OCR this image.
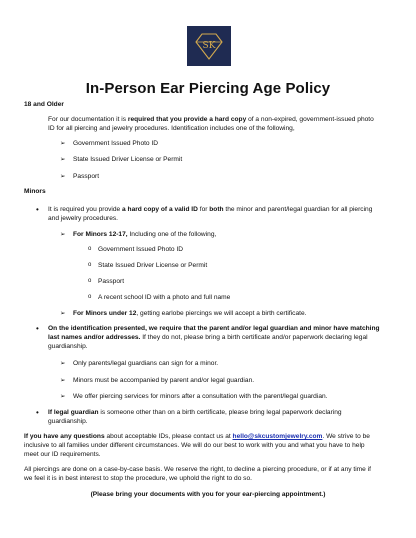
SK
In-Person Ear Piercing Age Policy
18 and Older
For our documentation it is required that you provide a hard copy of a non-expired, government-issued photo
ID for all piercing and jewelry procedures. Identification includes one of the following,
➢ Government Issued Photo ID
➢ State Issued Driver License or Permit
➢ Passport
Minors
• It is required you provide a hard copy of a valid ID for both the minor and parent/legal guardian for all piercing
and jewelry procedures.
➢ For Minors 12-17, Including one of the following,
o Government Issued Photo ID
o State Issued Driver License or Permit
o Passport
o A recent school ID with a photo and full name
➢ For Minors under 12, getting earlobe piercings we will accept a birth certificate.
• On the identification presented, we require that the parent and/or legal guardian and minor have matching
last names and/or addresses. If they do not, please bring a birth certificate and/or paperwork declaring legal
guardianship.
➢ Only parents/legal guardians can sign for a minor.
➢ Minors must be accompanied by parent and/or legal guardian.
➢ We offer piercing services for minors after a consultation with the parent/legal guardian.
• If legal guardian is someone other than on a birth certificate, please bring legal paperwork declaring
guardianship.
If you have any questions about acceptable IDs, please contact us at hello@skcustomjewelry.com. We strive to be
inclusive to all families under different circumstances. We will do our best to work with you and what you have to help
meet our ID requirements.
All piercings are done on a case-by-case basis. We reserve the right, to decline a piercing procedure, or if at any time if
we feel it is in best interest to stop the procedure, we uphold the right to do so.
(Please bring your documents with you for your ear-piercing appointment.)
